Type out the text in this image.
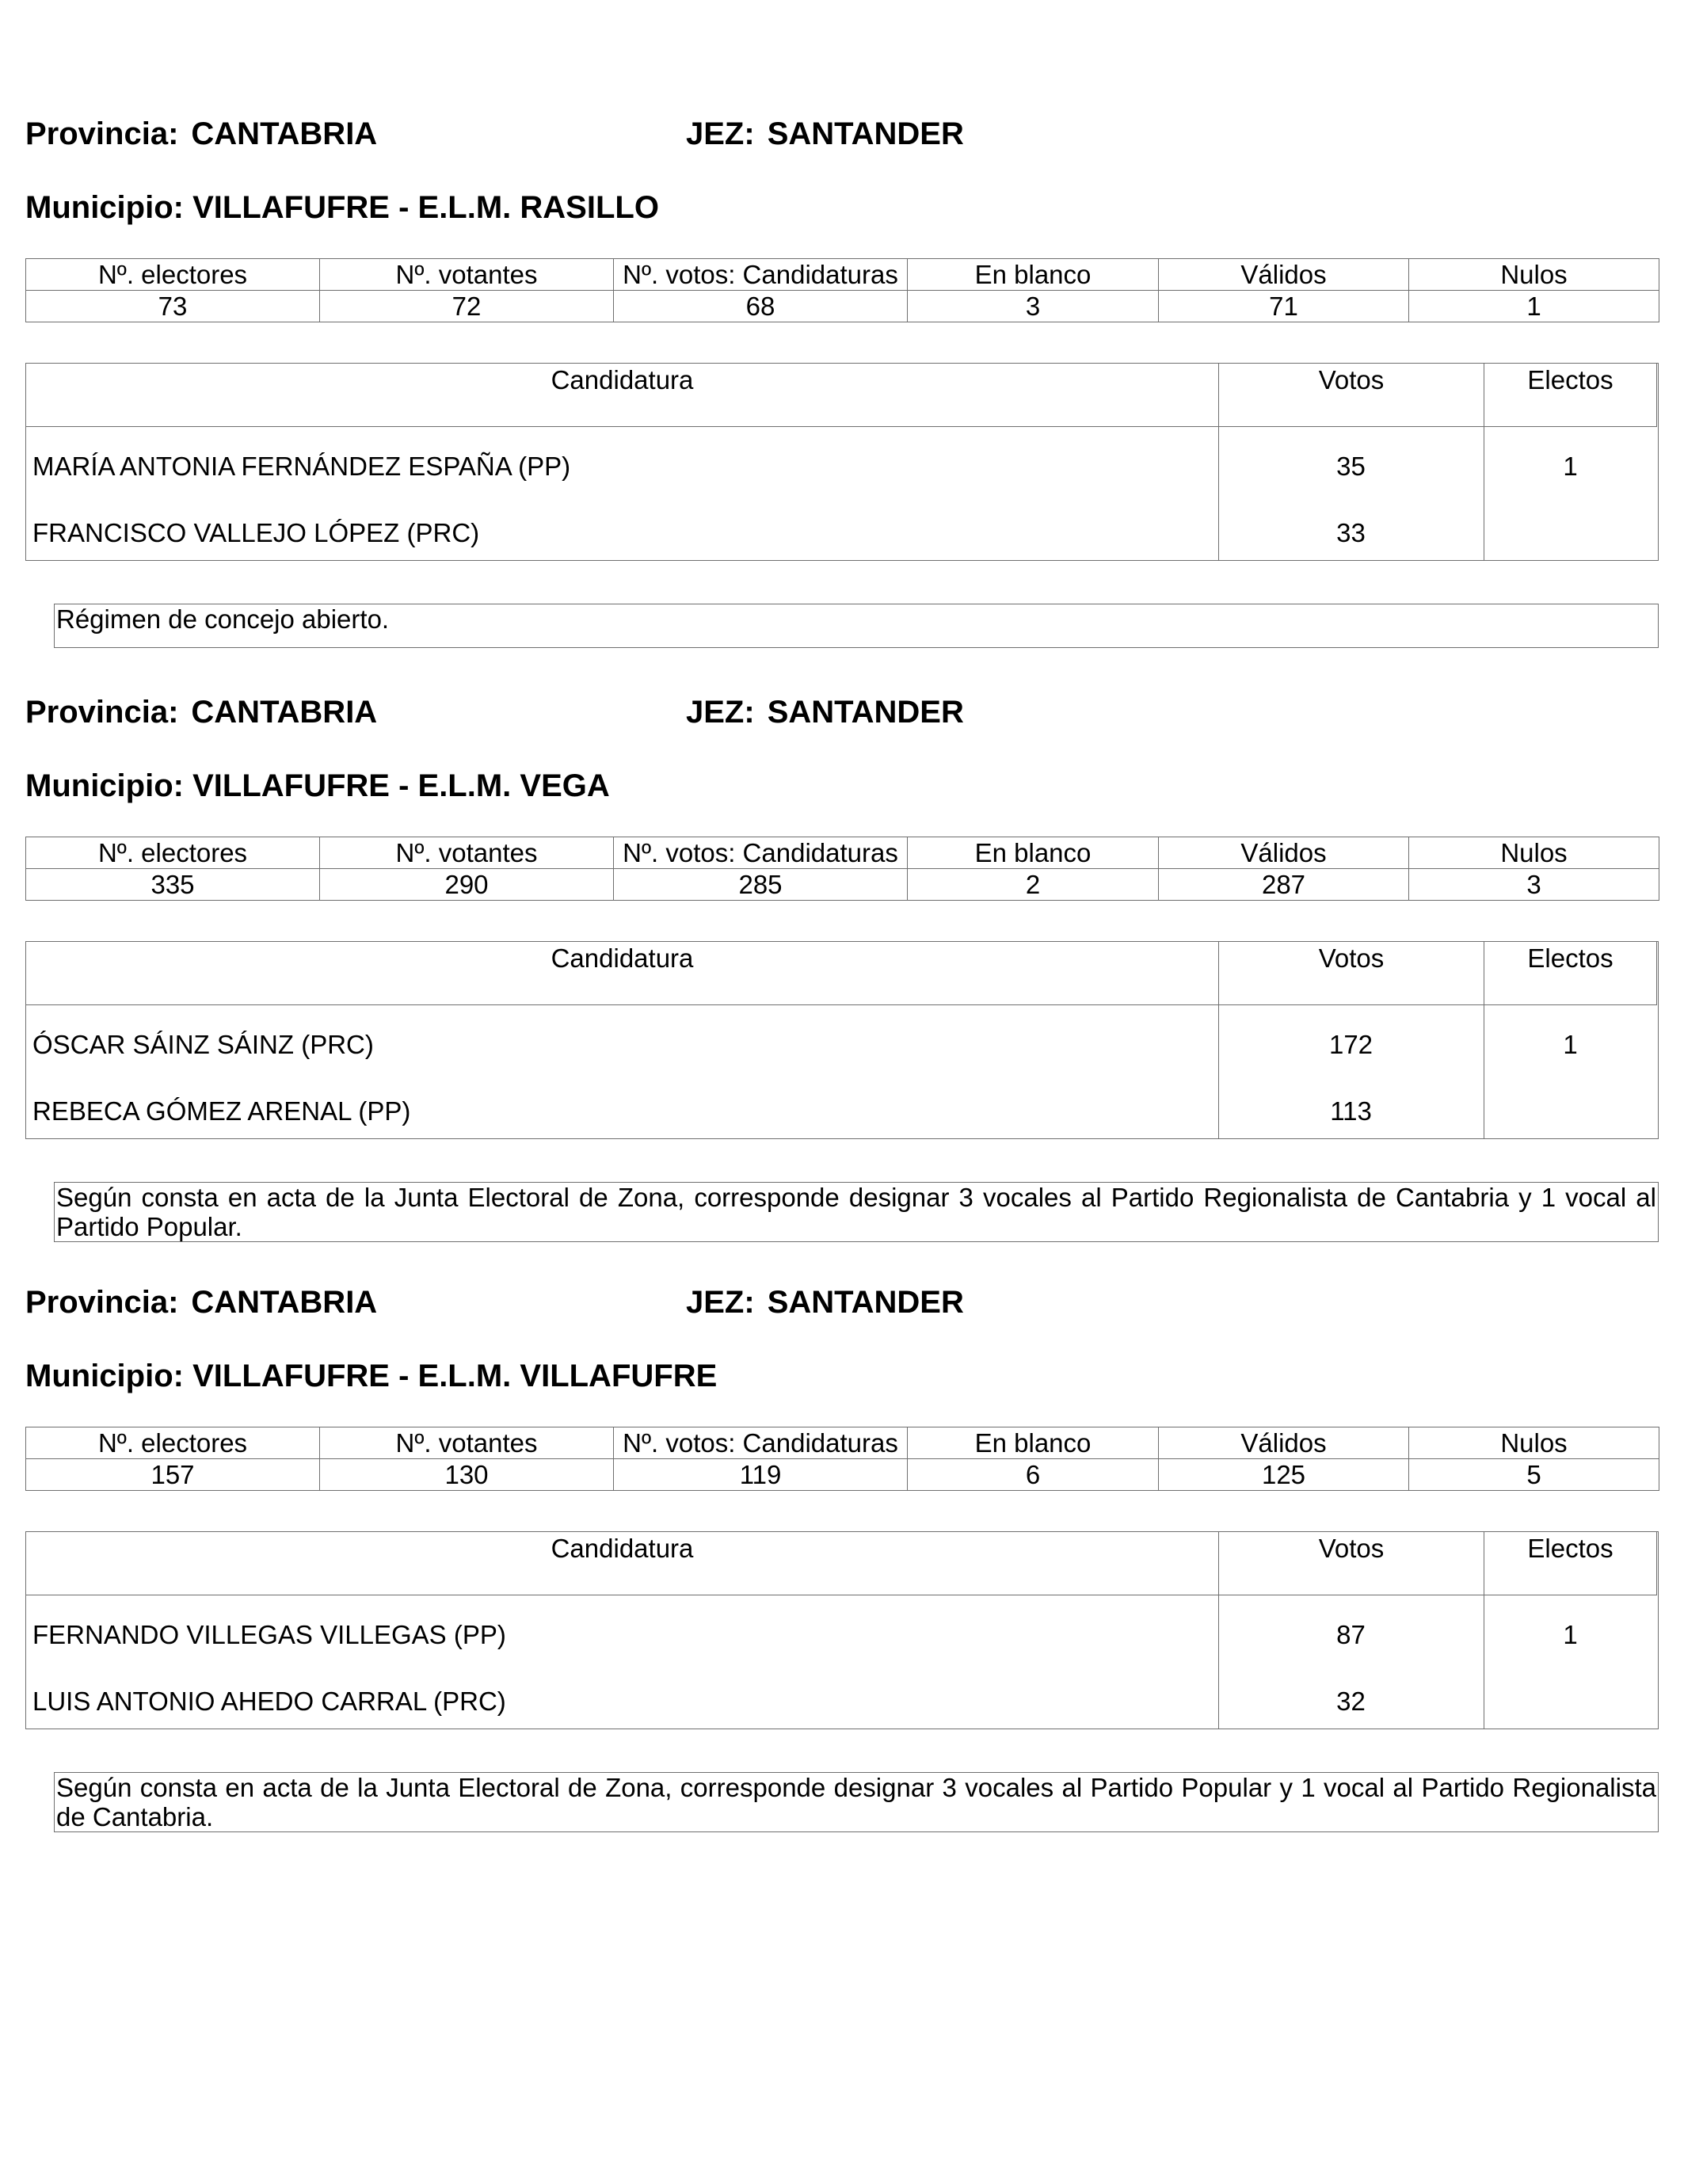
Provincia: CANTABRIA	JEZ: SANTANDER
Municipio: VILLAFUFRE - E.L.M. RASILLO
Nº. electores	Nº. votantes	Nº. votos: Candidaturas	En blanco	Válidos	Nulos
73	72	68	3	71	1
Candidatura	Votos	Electos
MARÍA ANTONIA FERNÁNDEZ ESPAÑA (PP)	35	1
FRANCISCO VALLEJO LÓPEZ (PRC)	33
Régimen de concejo abierto.
Provincia: CANTABRIA	JEZ: SANTANDER
Municipio: VILLAFUFRE - E.L.M. VEGA
Nº. electores	Nº. votantes	Nº. votos: Candidaturas	En blanco	Válidos	Nulos
335	290	285	2	287	3
Candidatura	Votos	Electos
ÓSCAR SÁINZ SÁINZ (PRC)	172	1
REBECA GÓMEZ ARENAL (PP)	113
Según consta en acta de la Junta Electoral de Zona, corresponde designar 3 vocales al Partido Regionalista de Cantabria y 1 vocal al Partido Popular.
Provincia: CANTABRIA	JEZ: SANTANDER
Municipio: VILLAFUFRE - E.L.M. VILLAFUFRE
Nº. electores	Nº. votantes	Nº. votos: Candidaturas	En blanco	Válidos	Nulos
157	130	119	6	125	5
Candidatura	Votos	Electos
FERNANDO VILLEGAS VILLEGAS (PP)	87	1
LUIS ANTONIO AHEDO CARRAL (PRC)	32
Según consta en acta de la Junta Electoral de Zona, corresponde designar 3 vocales al Partido Popular y 1 vocal al Partido Regionalista de Cantabria.
